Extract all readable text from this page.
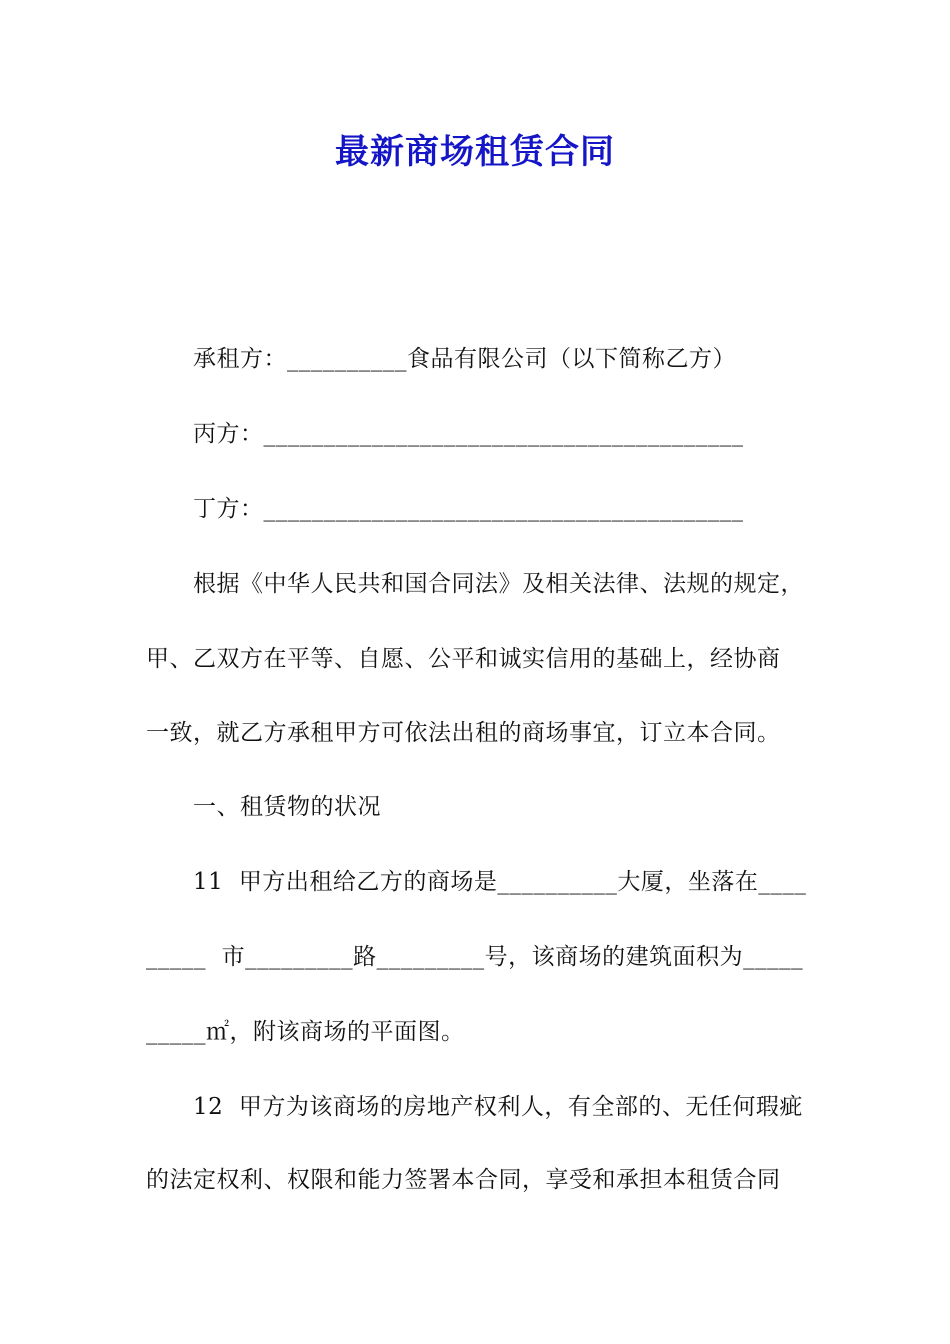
最新商场租赁合同
承租方：__________食品有限公司（以下简称乙方）
丙方：________________________________________
丁方：________________________________________
根据《中华人民共和国合同法》及相关法律、法规的规定，
甲、乙双方在平等、自愿、公平和诚实信用的基础上，经协商
一致，就乙方承租甲方可依法出租的商场事宜，订立本合同。
一、租赁物的状况
11  甲方出租给乙方的商场是__________大厦，坐落在____
_____  市_________路_________号，该商场的建筑面积为_____
_____㎡，附该商场的平面图。
12  甲方为该商场的房地产权利人，有全部的、无任何瑕疵
的法定权利、权限和能力签署本合同，享受和承担本租赁合同
